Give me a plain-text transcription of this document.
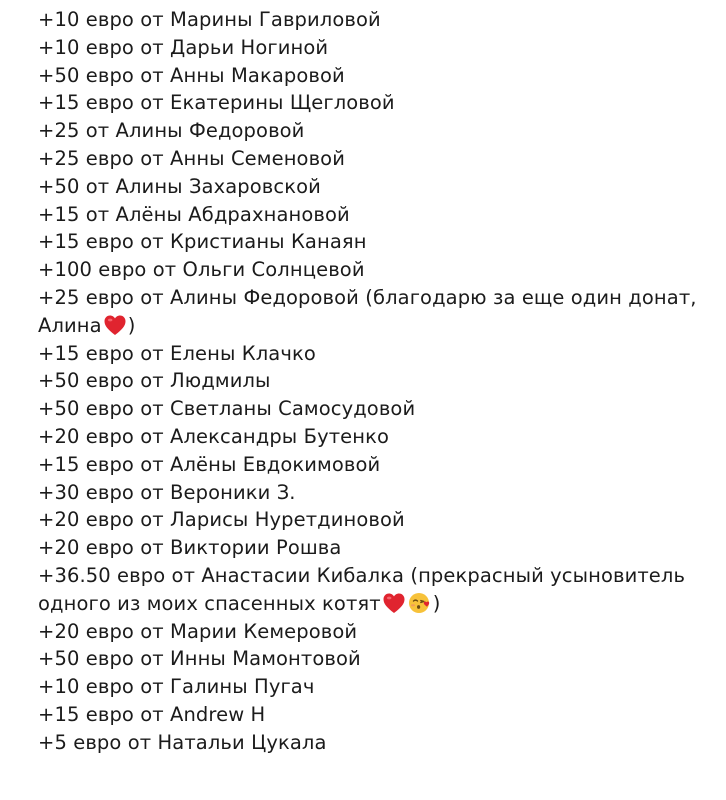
+10 евро от Марины Гавриловой
+10 евро от Дарьи Ногиной
+50 евро от Анны Макаровой
+15 евро от Екатерины Щегловой
+25 от Алины Федоровой
+25 евро от Анны Семеновой
+50 от Алины Захаровской
+15 от Алёны Абдрахнановой
+15 евро от Кристианы Канаян
+100 евро от Ольги Солнцевой
+25 евро от Алины Федоровой (благодарю за еще один донат,
Алина )
+15 евро от Елены Клачко
+50 евро от Людмилы
+50 евро от Светланы Самосудовой
+20 евро от Александры Бутенко
+15 евро от Алёны Евдокимовой
+30 евро от Вероники З.
+20 евро от Ларисы Нуретдиновой
+20 евро от Виктории Рошва
+36.50 евро от Анастасии Кибалка (прекрасный усыновитель
одного из моих спасенных котят	)
+20 евро от Марии Кемеровой
+50 евро от Инны Мамонтовой
+10 евро от Галины Пугач
+15 евро от Andrew H
+5 евро от Натальи Цукала
